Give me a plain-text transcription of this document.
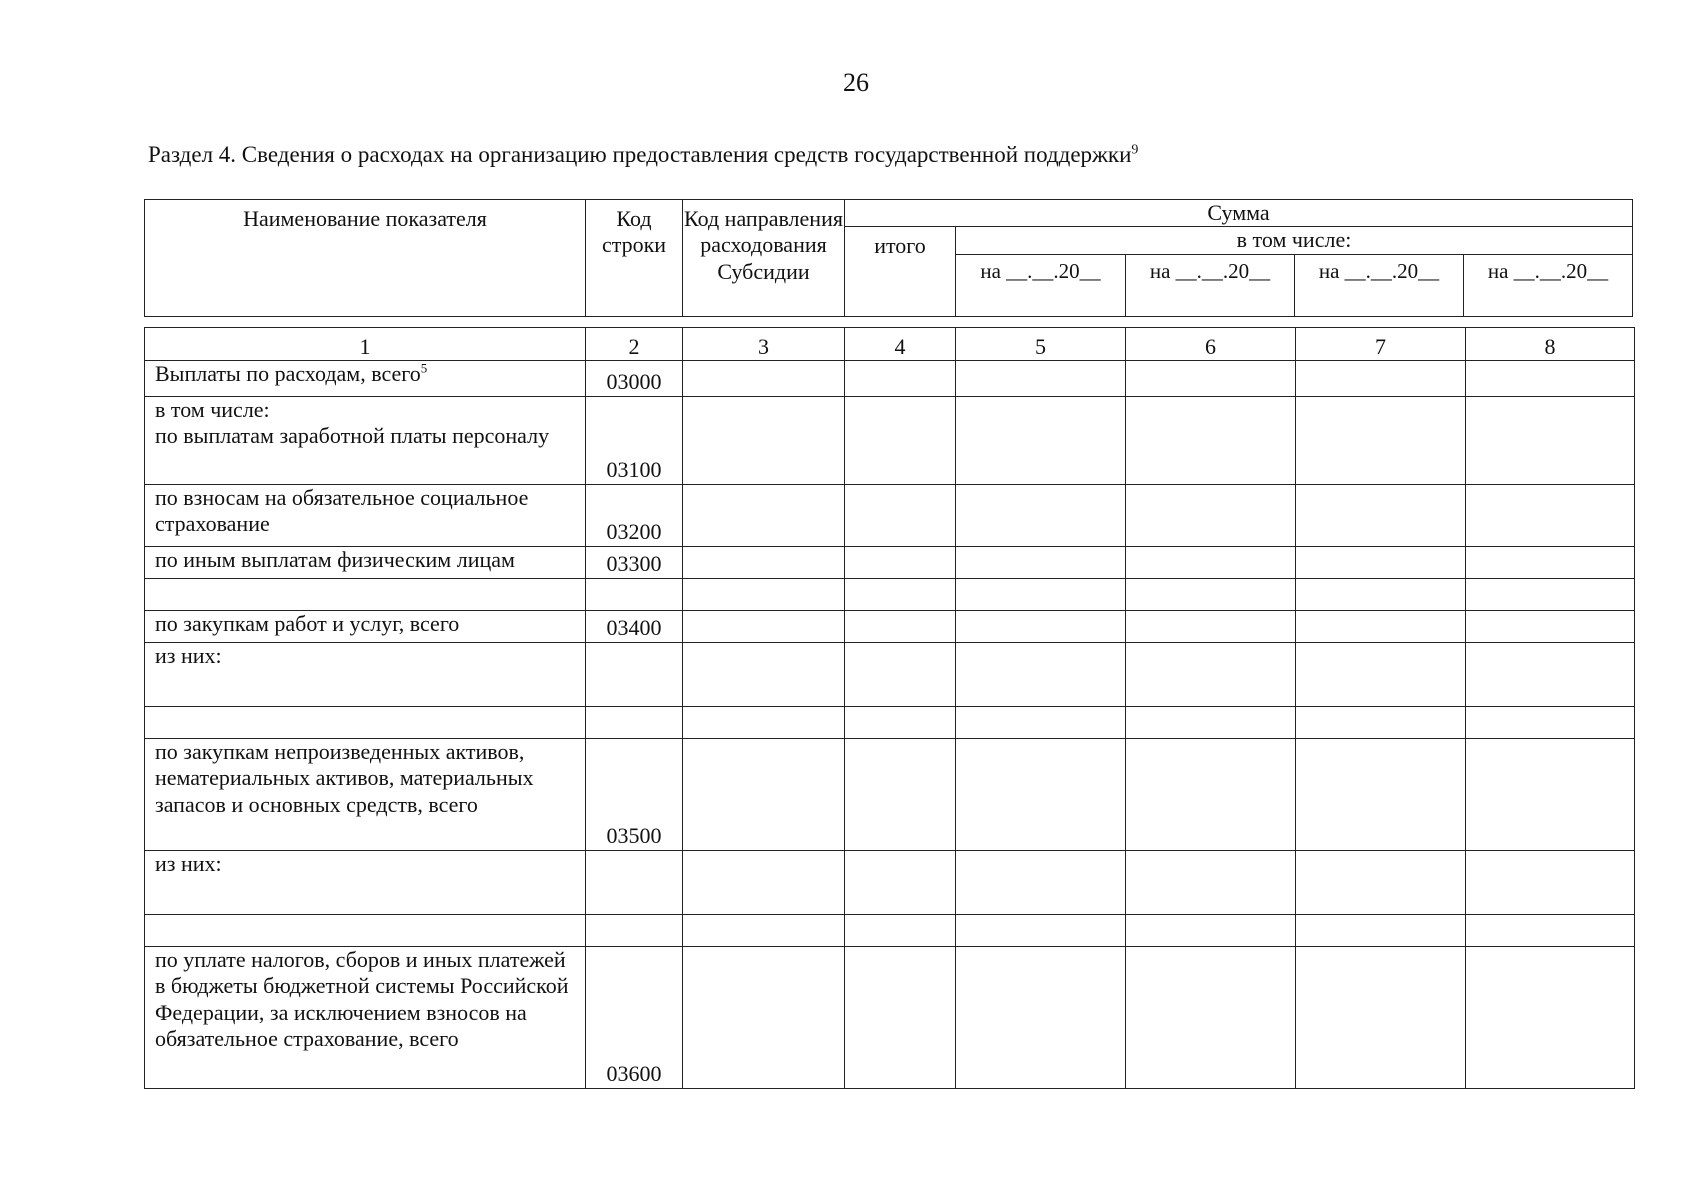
26
Раздел 4. Сведения о расходах на организацию предоставления средств государственной поддержки$^9$
Наименование показателя	Код строки	Код направления расходования Субсидии	Сумма				
			итого	в том числе:			
				на __.__.20__	на __.__.20__	на __.__.20__	на __.__.20__
1	2	3	4	5	6	7	8
Выплаты по расходам, всего$^5$	03000						
в том числе:
по выплатам заработной платы персоналу	03100						
по взносам на обязательное социальное страхование	03200						
по иным выплатам физическим лицам	03300						

по закупкам работ и услуг, всего	03400						
из них:							

по закупкам непроизведенных активов, нематериальных активов, материальных запасов и основных средств, всего	03500						
из них:							

по уплате налогов, сборов и иных платежей в бюджеты бюджетной системы Российской Федерации, за исключением взносов на обязательное страхование, всего	03600						
